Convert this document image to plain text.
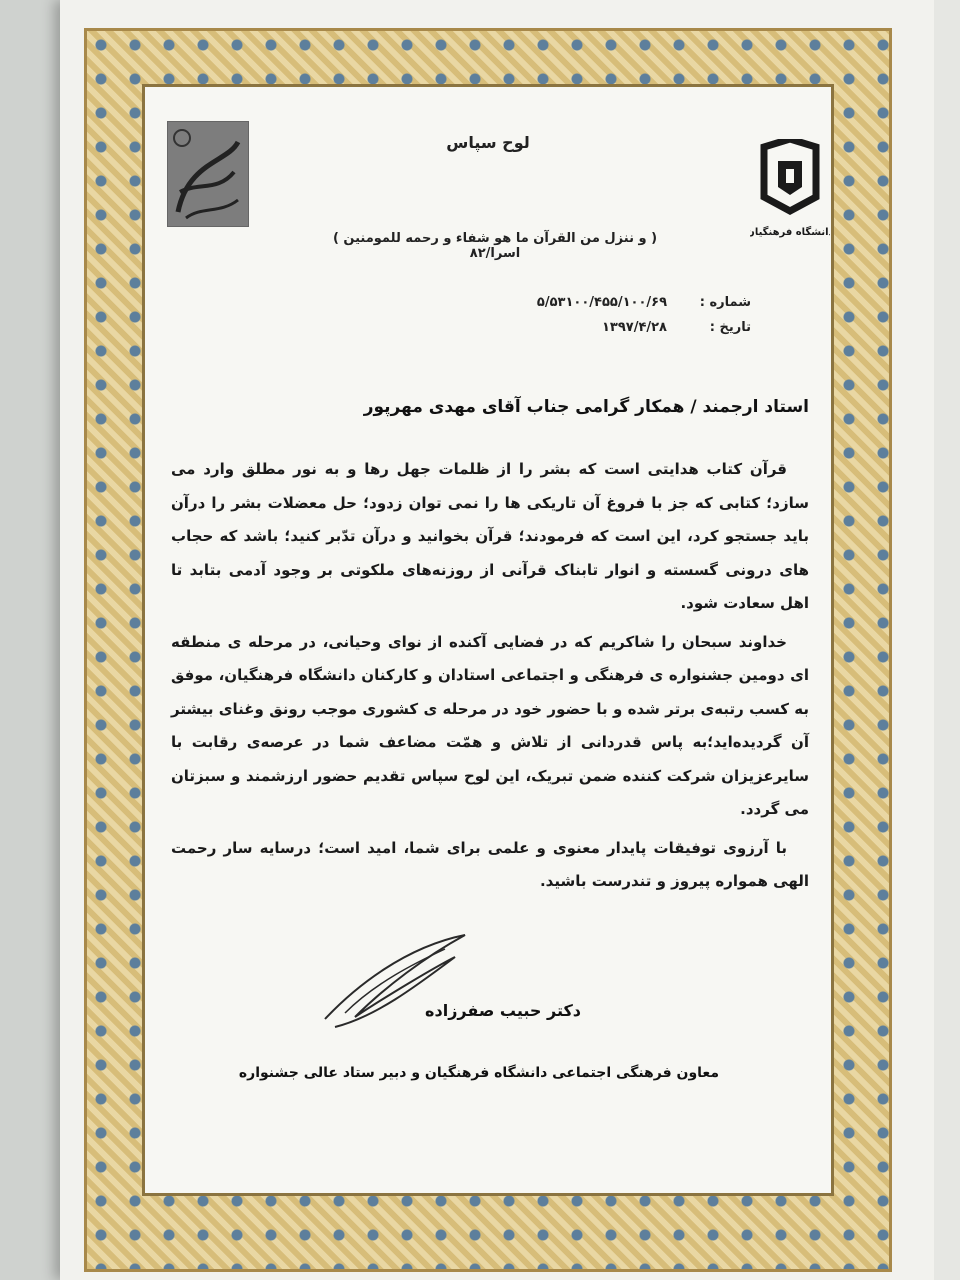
دانشگاه فرهنگیان
لوح سپاس
( و ننزل من القرآن ما هو شفاء و رحمه للمومنین ) اسرا/۸۲
شماره :
۵/۵۳۱۰۰/۴۵۵/۱۰۰/۶۹
تاریخ :
۱۳۹۷/۴/۲۸
استاد ارجمند / همکار گرامی جناب آقای مهدی مهرپور

قرآن کتاب هدایتی است که بشر را از ظلمات جهل رها و به نور مطلق وارد می سازد؛ کتابی که جز با فروغ آن تاریکی ها را نمی توان زدود؛ حل معضلات بشر را درآن باید جستجو کرد، این است که فرمودند؛ قرآن بخوانید و درآن تدّبر کنید؛ باشد که حجاب های درونی گسسته و انوار تابناک قرآنی از روزنه‌های ملکوتی بر وجود آدمی بتابد تا اهل سعادت شود.

خداوند سبحان را شاکریم که در فضایی آکنده از نوای وحیانی، در مرحله ی منطقه ای دومین جشنواره ی فرهنگی و اجتماعی استادان و کارکنان دانشگاه فرهنگیان، موفق به کسب رتبه‌ی برتر شده و با حضور خود در مرحله ی کشوری موجب رونق وغنای بیشتر آن گردیده‌اید؛به پاس قدردانی از تلاش و همّت مضاعف شما در عرصه‌ی رقابت با سایرعزیزان شرکت کننده ضمن تبریک، این لوح سپاس تقدیم حضور ارزشمند و سبزتان می گردد.

با آرزوی توفیقات پایدار معنوی و علمی برای شما، امید است؛ درسایه سار رحمت الهی همواره پیروز و تندرست باشید.

دکتر حبیب صفرزاده
معاون فرهنگی اجتماعی دانشگاه فرهنگیان و دبیر ستاد عالی جشنواره
